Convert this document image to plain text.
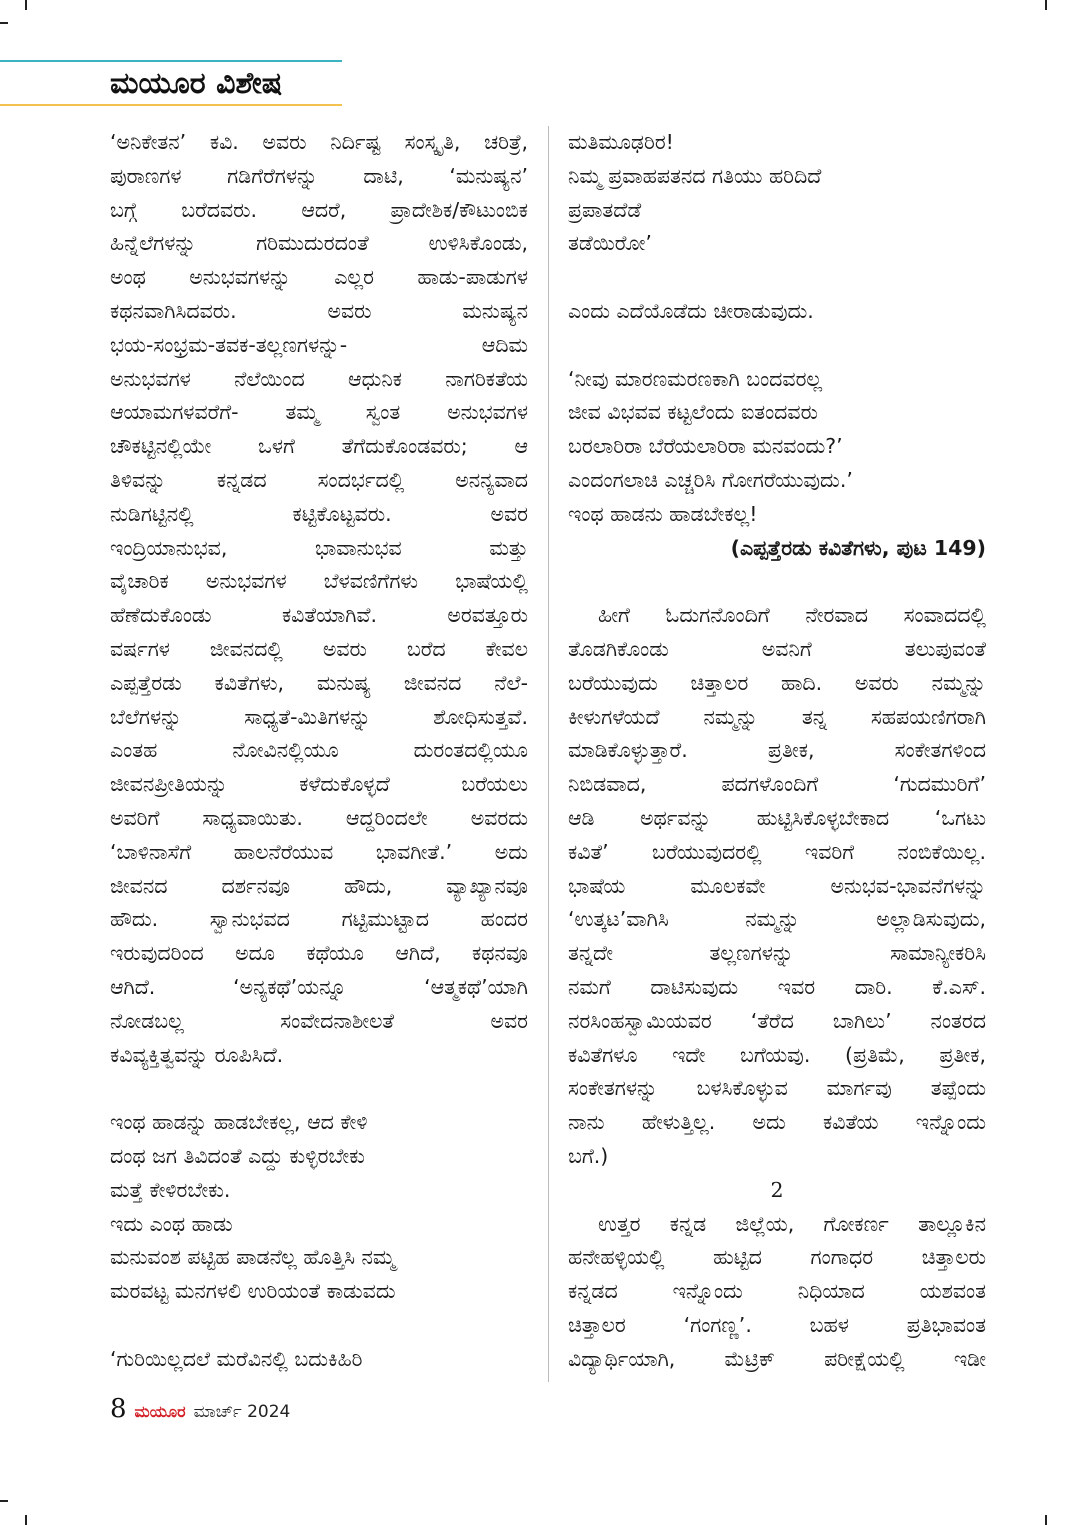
ಮಯೂರ ವಿಶೇಷ
‘ಅನಿಕೇತನ’ ಕವಿ. ಅವರು ನಿರ್ದಿಷ್ಟ ಸಂಸ್ಕೃತಿ, ಚರಿತ್ರೆ,
ಪುರಾಣಗಳ ಗಡಿಗೆರೆಗಳನ್ನು ದಾಟಿ, ‘ಮನುಷ್ಯನ’
ಬಗ್ಗೆ ಬರೆದವರು. ಆದರೆ, ಪ್ರಾದೇಶಿಕ/ಕೌಟುಂಬಿಕ
ಹಿನ್ನೆಲೆಗಳನ್ನು ಗರಿಮುದುರದಂತೆ ಉಳಿಸಿಕೊಂಡು,
ಅಂಥ ಅನುಭವಗಳನ್ನು ಎಲ್ಲರ ಹಾಡು-ಪಾಡುಗಳ
ಕಥನವಾಗಿಸಿದವರು. ಅವರು ಮನುಷ್ಯನ
ಭಯ-ಸಂಭ್ರಮ-ತವಕ-ತಲ್ಲಣಗಳನ್ನು- ಆದಿಮ
ಅನುಭವಗಳ ನೆಲೆಯಿಂದ ಆಧುನಿಕ ನಾಗರಿಕತೆಯ
ಆಯಾಮಗಳವರೆಗೆ- ತಮ್ಮ ಸ್ವಂತ ಅನುಭವಗಳ
ಚೌಕಟ್ಟಿನಲ್ಲಿಯೇ ಒಳಗೆ ತೆಗೆದುಕೊಂಡವರು; ಆ
ತಿಳಿವನ್ನು ಕನ್ನಡದ ಸಂದರ್ಭದಲ್ಲಿ ಅನನ್ಯವಾದ
ನುಡಿಗಟ್ಟಿನಲ್ಲಿ ಕಟ್ಟಿಕೊಟ್ಟವರು. ಅವರ
ಇಂದ್ರಿಯಾನುಭವ, ಭಾವಾನುಭವ ಮತ್ತು
ವೈಚಾರಿಕ ಅನುಭವಗಳ ಬೆಳವಣಿಗೆಗಳು ಭಾಷೆಯಲ್ಲಿ
ಹೆಣೆದುಕೊಂಡು ಕವಿತೆಯಾಗಿವೆ. ಅರವತ್ತೂರು
ವರ್ಷಗಳ ಜೀವನದಲ್ಲಿ ಅವರು ಬರೆದ ಕೇವಲ
ಎಪ್ಪತ್ತೆರಡು ಕವಿತೆಗಳು, ಮನುಷ್ಯ ಜೀವನದ ನೆಲೆ-
ಬೆಲೆಗಳನ್ನು ಸಾಧ್ಯತೆ-ಮಿತಿಗಳನ್ನು ಶೋಧಿಸುತ್ತವೆ.
ಎಂತಹ ನೋವಿನಲ್ಲಿಯೂ ದುರಂತದಲ್ಲಿಯೂ
ಜೀವನಪ್ರೀತಿಯನ್ನು ಕಳೆದುಕೊಳ್ಳದೆ ಬರೆಯಲು
ಅವರಿಗೆ ಸಾಧ್ಯವಾಯಿತು. ಆದ್ದರಿಂದಲೇ ಅವರದು
‘ಬಾಳಿನಾಸೆಗೆ ಹಾಲನೆರೆಯುವ ಭಾವಗೀತೆ.’ ಅದು
ಜೀವನದ ದರ್ಶನವೂ ಹೌದು, ವ್ಯಾಖ್ಯಾನವೂ
ಹೌದು. ಸ್ವಾನುಭವದ ಗಟ್ಟಿಮುಟ್ಟಾದ ಹಂದರ
ಇರುವುದರಿಂದ ಅದೂ ಕಥೆಯೂ ಆಗಿದೆ, ಕಥನವೂ
ಆಗಿದೆ. ‘ಅನ್ಯಕಥೆ’ಯನ್ನೂ ‘ಆತ್ಮಕಥೆ’ಯಾಗಿ
ನೋಡಬಲ್ಲ ಸಂವೇದನಾಶೀಲತೆ ಅವರ
ಕವಿವ್ಯಕ್ತಿತ್ವವನ್ನು ರೂಪಿಸಿದೆ.
ಇಂಥ ಹಾಡನ್ನು ಹಾಡಬೇಕಲ್ಲ, ಆದ ಕೇಳಿ
ದಂಥ ಜಗ ತಿವಿದಂತೆ ಎದ್ದು ಕುಳ್ಳಿರಬೇಕು
ಮತ್ತೆ ಕೇಳಿರಬೇಕು.
ಇದು ಎಂಥ ಹಾಡು
ಮನುವಂಶ ಪಟ್ಟಿಹ ಪಾಡನೆಲ್ಲ ಹೊತ್ತಿಸಿ ನಮ್ಮ
ಮರವಟ್ಟ ಮನಗಳಲಿ ಉರಿಯಂತೆ ಕಾಡುವದು
‘ಗುರಿಯಿಲ್ಲದಲೆ ಮರೆವಿನಲ್ಲಿ ಬದುಕಿಹಿರಿ
ಮತಿಮೂಢರಿರ!
ನಿಮ್ಮ ಪ್ರವಾಹಪತನದ ಗತಿಯು ಹರಿದಿದೆ
ಪ್ರಪಾತದೆಡೆ
ತಡೆಯಿರೋ’
ಎಂದು ಎದೆಯೊಡೆದು ಚೀರಾಡುವುದು.
‘ನೀವು ಮಾರಣಮರಣಕಾಗಿ ಬಂದವರಲ್ಲ
ಜೀವ ವಿಭವವ ಕಟ್ಟಲೆಂದು ಐತಂದವರು
ಬರಲಾರಿರಾ ಬೆರೆಯಲಾರಿರಾ ಮನವಂದು?’
ಎಂದಂಗಲಾಚಿ ಎಚ್ಚರಿಸಿ ಗೋಗರೆಯುವುದು.’
ಇಂಥ ಹಾಡನು ಹಾಡಬೇಕಲ್ಲ!
(ಎಪ್ಪತ್ತೆರಡು ಕವಿತೆಗಳು, ಪುಟ 149)
ಹೀಗೆ ಓದುಗನೊಂದಿಗೆ ನೇರವಾದ ಸಂವಾದದಲ್ಲಿ
ತೊಡಗಿಕೊಂಡು ಅವನಿಗೆ ತಲುಪುವಂತೆ
ಬರೆಯುವುದು ಚಿತ್ತಾಲರ ಹಾದಿ. ಅವರು ನಮ್ಮನ್ನು
ಕೀಳುಗಳೆಯದೆ ನಮ್ಮನ್ನು ತನ್ನ ಸಹಪಯಣಿಗರಾಗಿ
ಮಾಡಿಕೊಳ್ಳುತ್ತಾರೆ. ಪ್ರತೀಕ, ಸಂಕೇತಗಳಿಂದ
ನಿಬಿಡವಾದ, ಪದಗಳೊಂದಿಗೆ ‘ಗುದಮುರಿಗೆ’
ಆಡಿ ಅರ್ಥವನ್ನು ಹುಟ್ಟಿಸಿಕೊಳ್ಳಬೇಕಾದ ‘ಒಗಟು
ಕವಿತೆ’ ಬರೆಯುವುದರಲ್ಲಿ ಇವರಿಗೆ ನಂಬಿಕೆಯಿಲ್ಲ.
ಭಾಷೆಯ ಮೂಲಕವೇ ಅನುಭವ-ಭಾವನೆಗಳನ್ನು
‘ಉತ್ಕಟ’ವಾಗಿಸಿ ನಮ್ಮನ್ನು ಅಲ್ಲಾಡಿಸುವುದು,
ತನ್ನದೇ ತಲ್ಲಣಗಳನ್ನು ಸಾಮಾನ್ಯೀಕರಿಸಿ
ನಮಗೆ ದಾಟಿಸುವುದು ಇವರ ದಾರಿ. ಕೆ.ಎಸ್.
ನರಸಿಂಹಸ್ವಾಮಿಯವರ ‘ತೆರೆದ ಬಾಗಿಲು’ ನಂತರದ
ಕವಿತೆಗಳೂ ಇದೇ ಬಗೆಯವು. (ಪ್ರತಿಮೆ, ಪ್ರತೀಕ,
ಸಂಕೇತಗಳನ್ನು ಬಳಸಿಕೊಳ್ಳುವ ಮಾರ್ಗವು ತಪ್ಪೆಂದು
ನಾನು ಹೇಳುತ್ತಿಲ್ಲ. ಅದು ಕವಿತೆಯ ಇನ್ನೊಂದು
ಬಗೆ.)
2
ಉತ್ತರ ಕನ್ನಡ ಜಿಲ್ಲೆಯ, ಗೋಕರ್ಣ ತಾಲ್ಲೂಕಿನ
ಹನೇಹಳ್ಳಿಯಲ್ಲಿ ಹುಟ್ಟಿದ ಗಂಗಾಧರ ಚಿತ್ತಾಲರು
ಕನ್ನಡದ ಇನ್ನೊಂದು ನಿಧಿಯಾದ ಯಶವಂತ
ಚಿತ್ತಾಲರ ‘ಗಂಗಣ್ಣ’. ಬಹಳ ಪ್ರತಿಭಾವಂತ
ವಿದ್ಯಾರ್ಥಿಯಾಗಿ, ಮೆಟ್ರಿಕ್ ಪರೀಕ್ಷೆಯಲ್ಲಿ ಇಡೀ
8 ಮಯೂರ ಮಾರ್ಚ್ 2024
